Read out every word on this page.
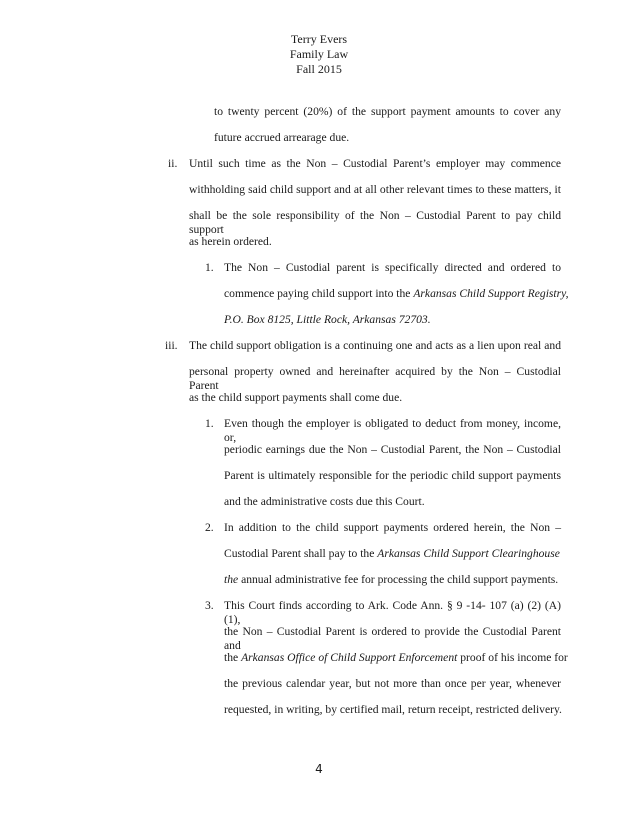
Terry Evers
Family Law
Fall 2015
to twenty percent (20%) of the support payment amounts to cover any
future accrued arrearage due.
ii. Until such time as the Non – Custodial Parent’s employer may commence
withholding said child support and at all other relevant times to these matters, it
shall be the sole responsibility of the Non – Custodial Parent to pay child support
as herein ordered.
1. The Non – Custodial parent is specifically directed and ordered to
commence paying child support into the Arkansas Child Support Registry,
P.O. Box 8125, Little Rock, Arkansas 72703.
iii. The child support obligation is a continuing one and acts as a lien upon real and
personal property owned and hereinafter acquired by the Non – Custodial Parent
as the child support payments shall come due.
1. Even though the employer is obligated to deduct from money, income, or,
periodic earnings due the Non – Custodial Parent, the Non – Custodial
Parent is ultimately responsible for the periodic child support payments
and the administrative costs due this Court.
2. In addition to the child support payments ordered herein, the Non –
Custodial Parent shall pay to the Arkansas Child Support Clearinghouse
the annual administrative fee for processing the child support payments.
3. This Court finds according to Ark. Code Ann. § 9 -14- 107 (a) (2) (A) (1),
the Non – Custodial Parent is ordered to provide the Custodial Parent and
the Arkansas Office of Child Support Enforcement proof of his income for
the previous calendar year, but not more than once per year, whenever
requested, in writing, by certified mail, return receipt, restricted delivery.
4
